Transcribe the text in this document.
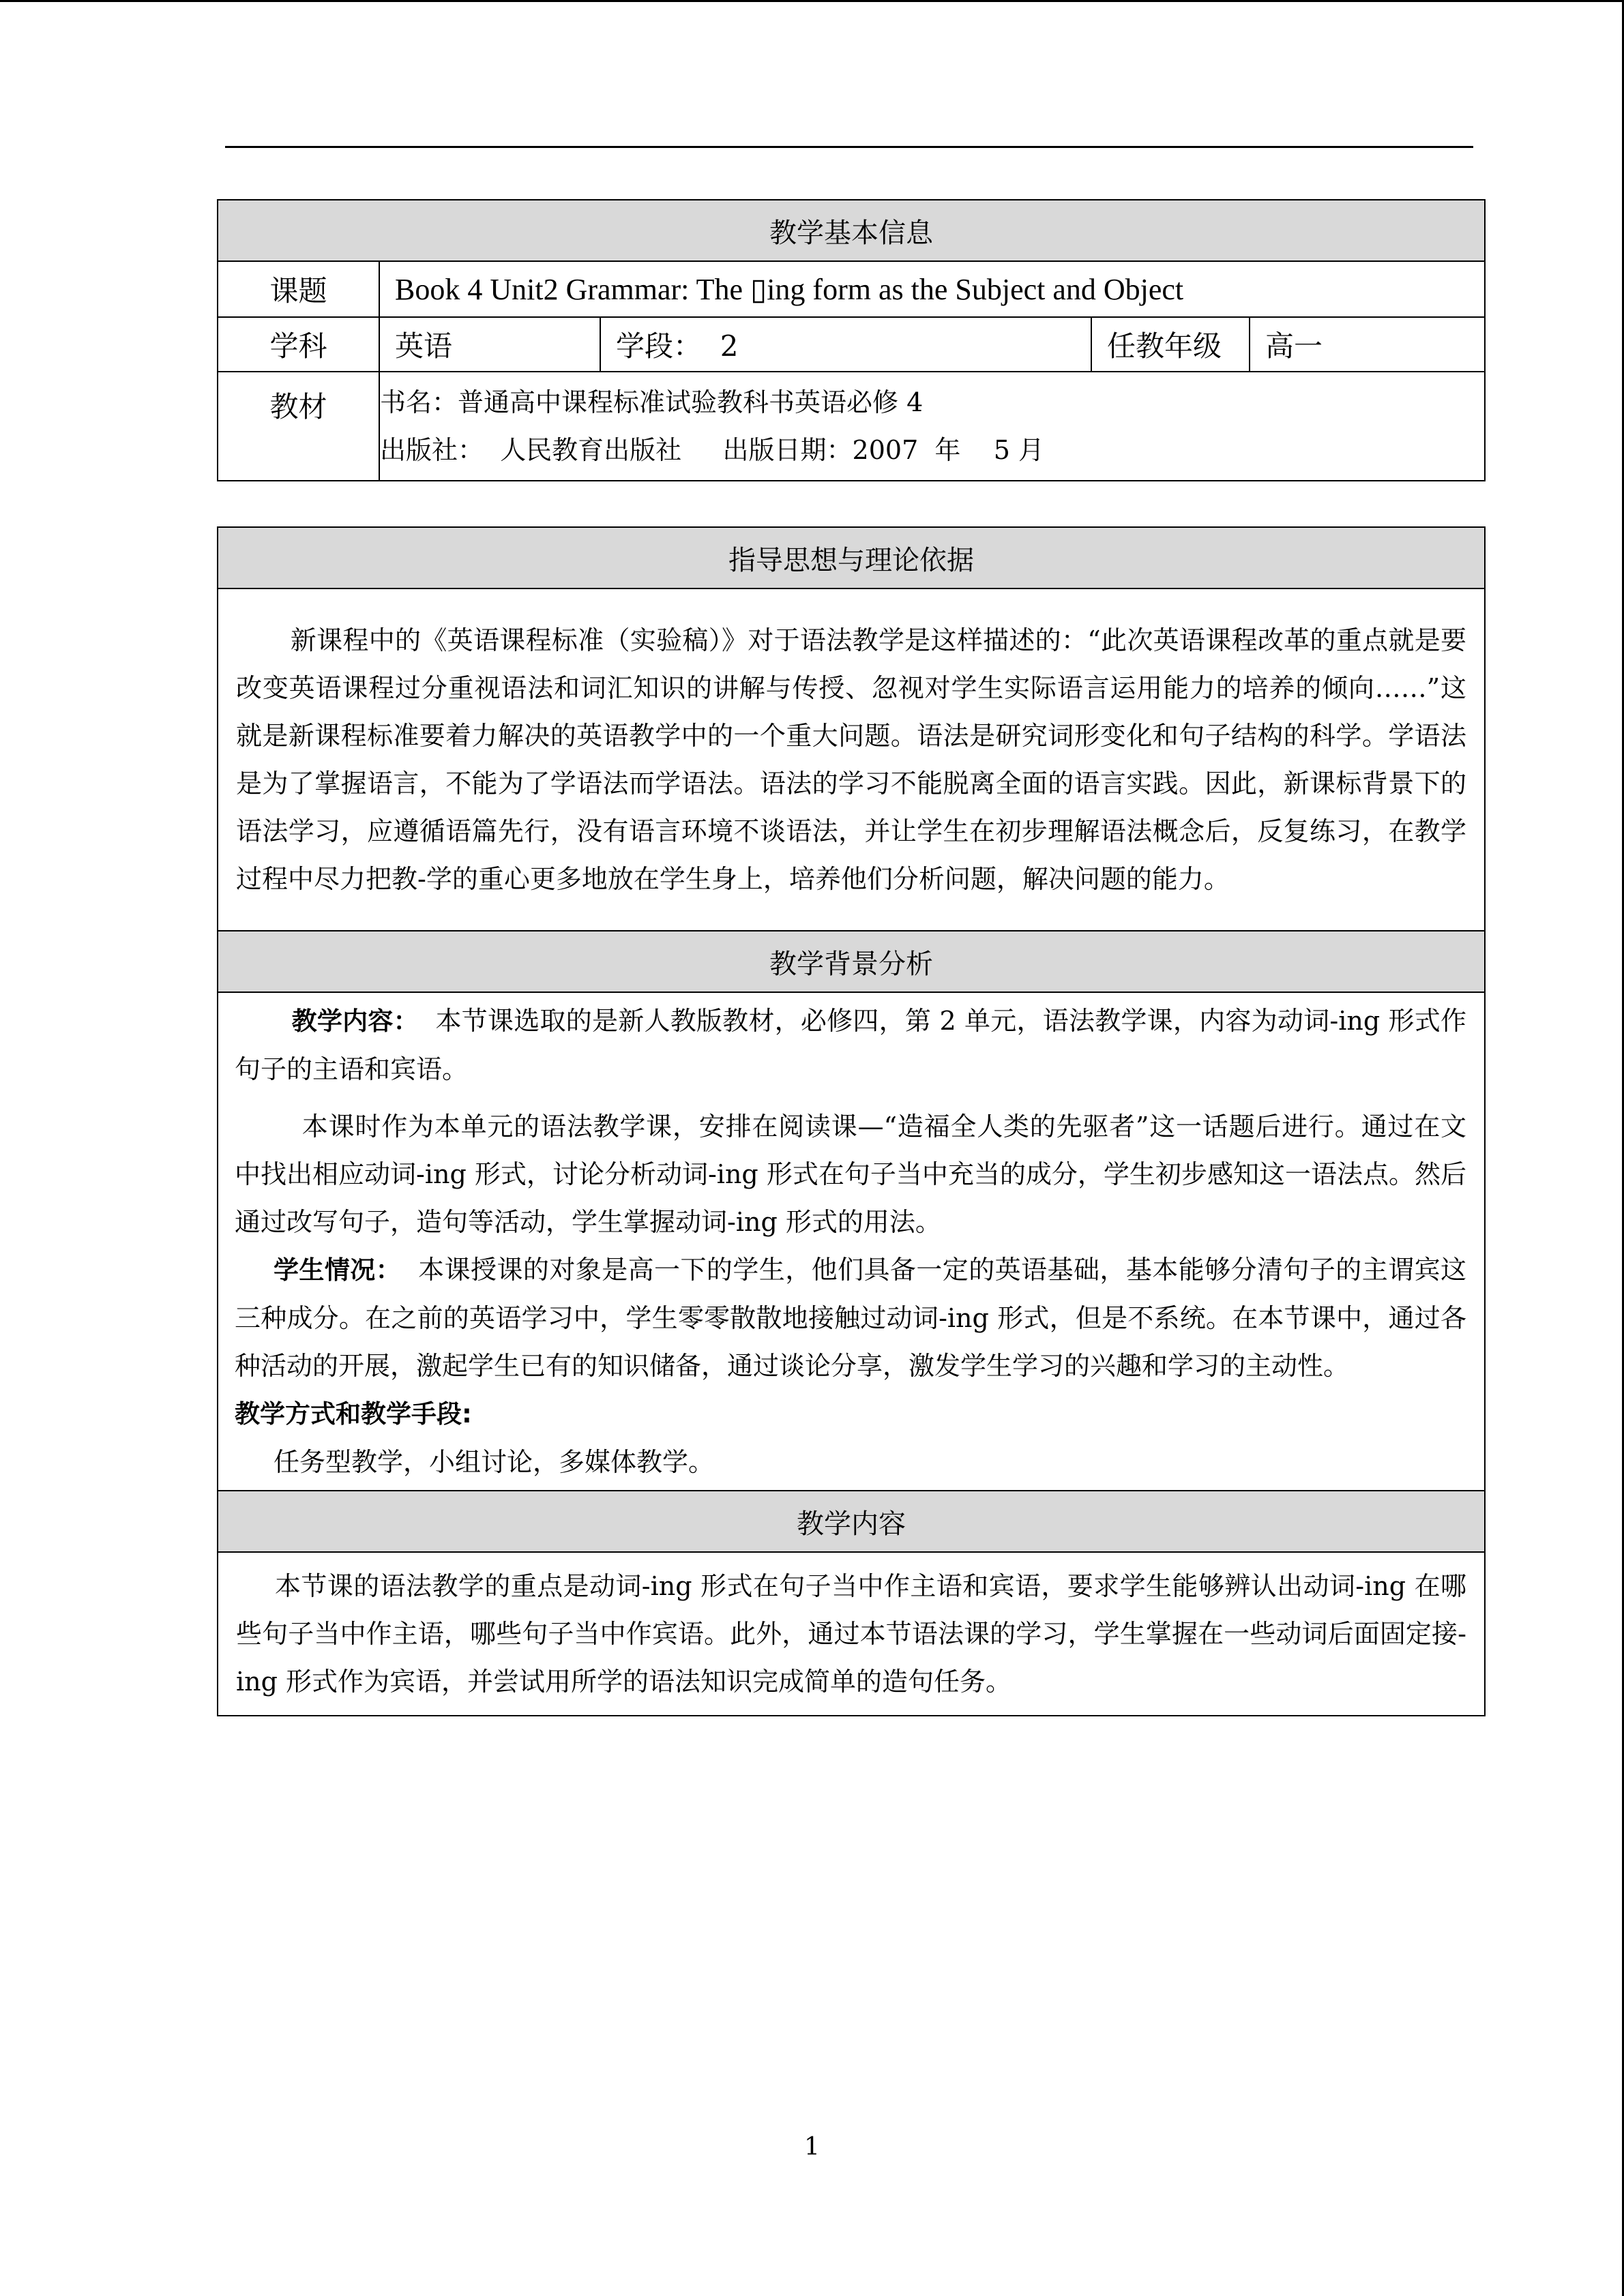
教学基本信息				
课题	Book 4 Unit2 Grammar: The ▯ing form as the Subject and Object			
学科	英语	学段： 2	任教年级	高一
教材	书名：普通高中课程标准试验教科书英语必修 4
出版社：  人民教育出版社     出版日期：2007  年    5 月			
指导思想与理论依据

新课程中的《英语课程标准（实验稿）》对于语法教学是这样描述的：“此次英语课程改革的重点就是要改变英语课程过分重视语法和词汇知识的讲解与传授、忽视对学生实际语言运用能力的培养的倾向……”这就是新课程标准要着力解决的英语教学中的一个重大问题。语法是研究词形变化和句子结构的科学。学语法是为了掌握语言，不能为了学语法而学语法。语法的学习不能脱离全面的语言实践。因此，新课标背景下的语法学习，应遵循语篇先行，没有语言环境不谈语法，并让学生在初步理解语法概念后，反复练习，在教学过程中尽力把教-学的重心更多地放在学生身上，培养他们分析问题，解决问题的能力。

教学背景分析

教学内容：  本节课选取的是新人教版教材，必修四，第 2 单元，语法教学课，内容为动词-ing 形式作句子的主语和宾语。

本课时作为本单元的语法教学课，安排在阅读课—“造福全人类的先驱者”这一话题后进行。通过在文中找出相应动词-ing 形式，讨论分析动词-ing 形式在句子当中充当的成分，学生初步感知这一语法点。然后通过改写句子，造句等活动，学生掌握动词-ing 形式的用法。

学生情况：  本课授课的对象是高一下的学生，他们具备一定的英语基础，基本能够分清句子的主谓宾这三种成分。在之前的英语学习中，学生零零散散地接触过动词-ing 形式，但是不系统。在本节课中，通过各种活动的开展，激起学生已有的知识储备，通过谈论分享，激发学生学习的兴趣和学习的主动性。

教学方式和教学手段:

任务型教学，小组讨论，多媒体教学。

教学内容

本节课的语法教学的重点是动词-ing 形式在句子当中作主语和宾语，要求学生能够辨认出动词-ing 在哪些句子当中作主语，哪些句子当中作宾语。此外，通过本节语法课的学习，学生掌握在一些动词后面固定接-ing 形式作为宾语，并尝试用所学的语法知识完成简单的造句任务。

1
